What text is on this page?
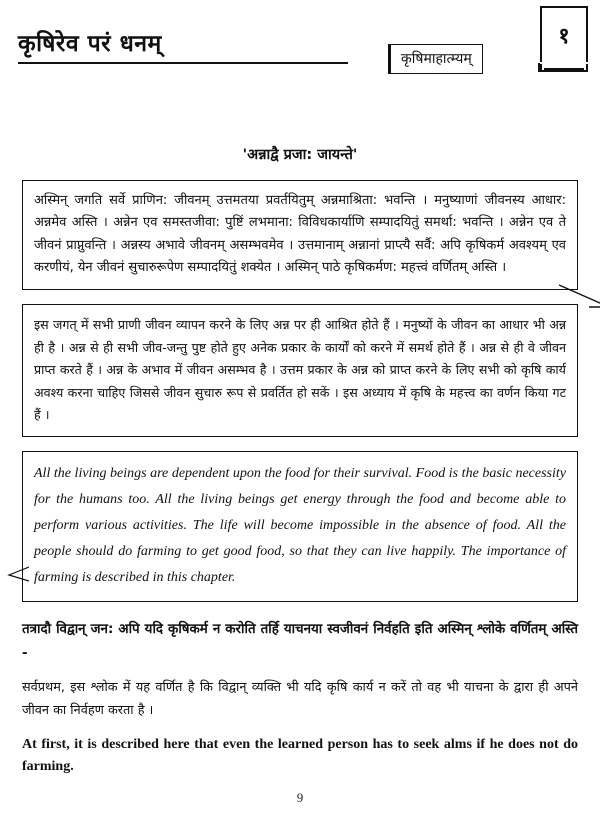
कृषिरेव परं धनम्
कृषिमाहात्म्यम्
१
'अन्नाद्वै प्रजा: जायन्ते'
अस्मिन् जगति सर्वे प्राणिन: जीवनम् उत्तमतया प्रवर्तयितुम् अन्नमाश्रिता: भवन्ति । मनुष्याणां जीवनस्य आधार: अन्नमेव अस्ति । अन्नेन एव समस्तजीवा: पुष्टिं लभमाना: विविधकार्याणि सम्पादयितुं समर्था: भवन्ति । अन्नेन एव ते जीवनं प्राप्नुवन्ति । अन्नस्य अभावे जीवनम् असम्भवमेव । उत्तमानाम् अन्नानां प्राप्त्यै सर्वै: अपि कृषिकर्म अवश्यम् एव करणीयं, येन जीवनं सुचारुरूपेण सम्पादयितुं शक्येत । अस्मिन् पाठे कृषिकर्मण: महत्त्वं वर्णितम् अस्ति ।
इस जगत् में सभी प्राणी जीवन व्यापन करने के लिए अन्न पर ही आश्रित होते हैं । मनुष्यों के जीवन का आधार भी अन्न ही है । अन्न से ही सभी जीव-जन्तु पुष्ट होते हुए अनेक प्रकार के कार्यों को करने में समर्थ होते हैं । अन्न से ही वे जीवन प्राप्त करते हैं । अन्न के अभाव में जीवन असम्भव है । उत्तम प्रकार के अन्न को प्राप्त करने के लिए सभी को कृषि कार्य अवश्य करना चाहिए जिससे जीवन सुचारु रूप से प्रवर्तित हो सकें । इस अध्याय में कृषि के महत्त्व का वर्णन किया गट हैं ।
All the living beings are dependent upon the food for their survival. Food is the basic necessity for the humans too. All the living beings get energy through the food and become able to perform various activities. The life will become impossible in the absence of food. All the people should do farming to get good food, so that they can live happily. The importance of farming is described in this chapter.
तत्रादौ विद्वान् जन: अपि यदि कृषिकर्म न करोति तर्हि याचनया स्वजीवनं निर्वहति इति अस्मिन् श्लोके वर्णितम् अस्ति -
सर्वप्रथम, इस श्लोक में यह वर्णित है कि विद्वान् व्यक्ति भी यदि कृषि कार्य न करें तो वह भी याचना के द्वारा ही अपने जीवन का निर्वहण करता है ।
At first, it is described here that even the learned person has to seek alms if he does not do farming.
9
